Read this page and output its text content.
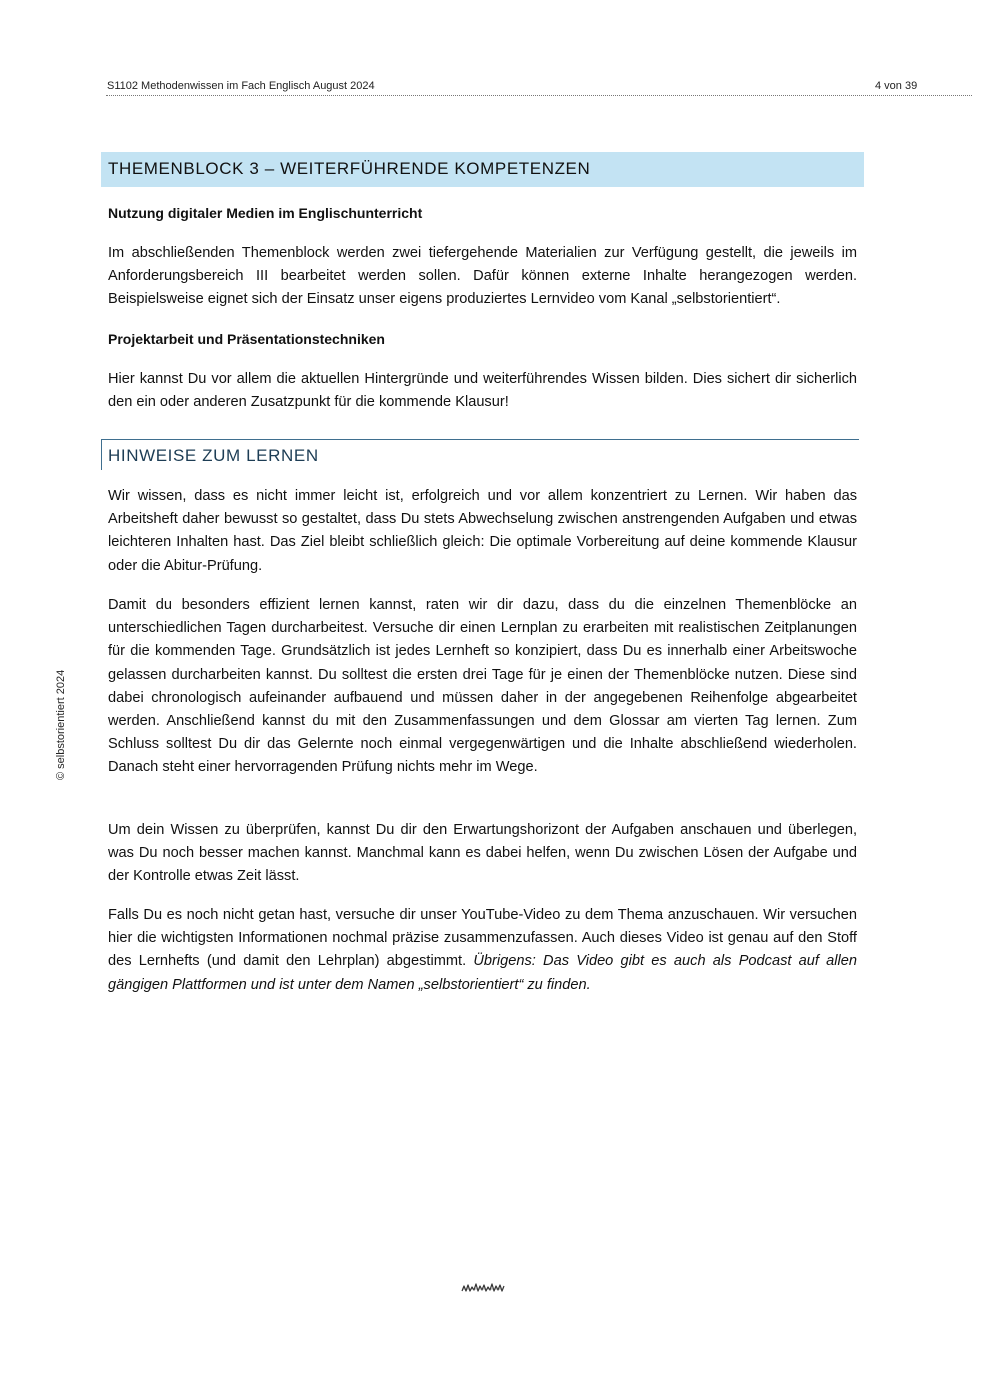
S1102 Methodenwissen im Fach Englisch August 2024	4 von 39
© selbstorientiert 2024
THEMENBLOCK 3 – WEITERFÜHRENDE KOMPETENZEN
Nutzung digitaler Medien im Englischunterricht

Im abschließenden Themenblock werden zwei tiefergehende Materialien zur Verfügung gestellt, die jeweils im Anforderungsbereich III bearbeitet werden sollen. Dafür können externe Inhalte herangezogen werden. Beispielsweise eignet sich der Einsatz unser eigens produziertes Lernvideo vom Kanal „selbstorientiert“.

Projektarbeit und Präsentationstechniken

Hier kannst Du vor allem die aktuellen Hintergründe und weiterführendes Wissen bilden. Dies sichert dir sicherlich den ein oder anderen Zusatzpunkt für die kommende Klausur!

HINWEISE ZUM LERNEN

Wir wissen, dass es nicht immer leicht ist, erfolgreich und vor allem konzentriert zu Lernen. Wir haben das Arbeitsheft daher bewusst so gestaltet, dass Du stets Abwechselung zwischen anstrengenden Aufgaben und etwas leichteren Inhalten hast. Das Ziel bleibt schließlich gleich: Die optimale Vorbereitung auf deine kommende Klausur oder die Abitur-Prüfung.

Damit du besonders effizient lernen kannst, raten wir dir dazu, dass du die einzelnen Themenblöcke an unterschiedlichen Tagen durcharbeitest. Versuche dir einen Lernplan zu erarbeiten mit realistischen Zeitplanungen für die kommenden Tage. Grundsätzlich ist jedes Lernheft so konzipiert, dass Du es innerhalb einer Arbeitswoche gelassen durcharbeiten kannst. Du solltest die ersten drei Tage für je einen der Themenblöcke nutzen. Diese sind dabei chronologisch aufeinander aufbauend und müssen daher in der angegebenen Reihenfolge abgearbeitet werden. Anschließend kannst du mit den Zusammenfassungen und dem Glossar am vierten Tag lernen. Zum Schluss solltest Du dir das Gelernte noch einmal vergegenwärtigen und die Inhalte abschließend wiederholen. Danach steht einer hervorragenden Prüfung nichts mehr im Wege.

Um dein Wissen zu überprüfen, kannst Du dir den Erwartungshorizont der Aufgaben anschauen und überlegen, was Du noch besser machen kannst. Manchmal kann es dabei helfen, wenn Du zwischen Lösen der Aufgabe und der Kontrolle etwas Zeit lässt.

Falls Du es noch nicht getan hast, versuche dir unser YouTube-Video zu dem Thema anzuschauen. Wir versuchen hier die wichtigsten Informationen nochmal präzise zusammenzufassen. Auch dieses Video ist genau auf den Stoff des Lernhefts (und damit den Lehrplan) abgestimmt. Übrigens: Das Video gibt es auch als Podcast auf allen gängigen Plattformen und ist unter dem Namen „selbstorientiert“ zu finden.
